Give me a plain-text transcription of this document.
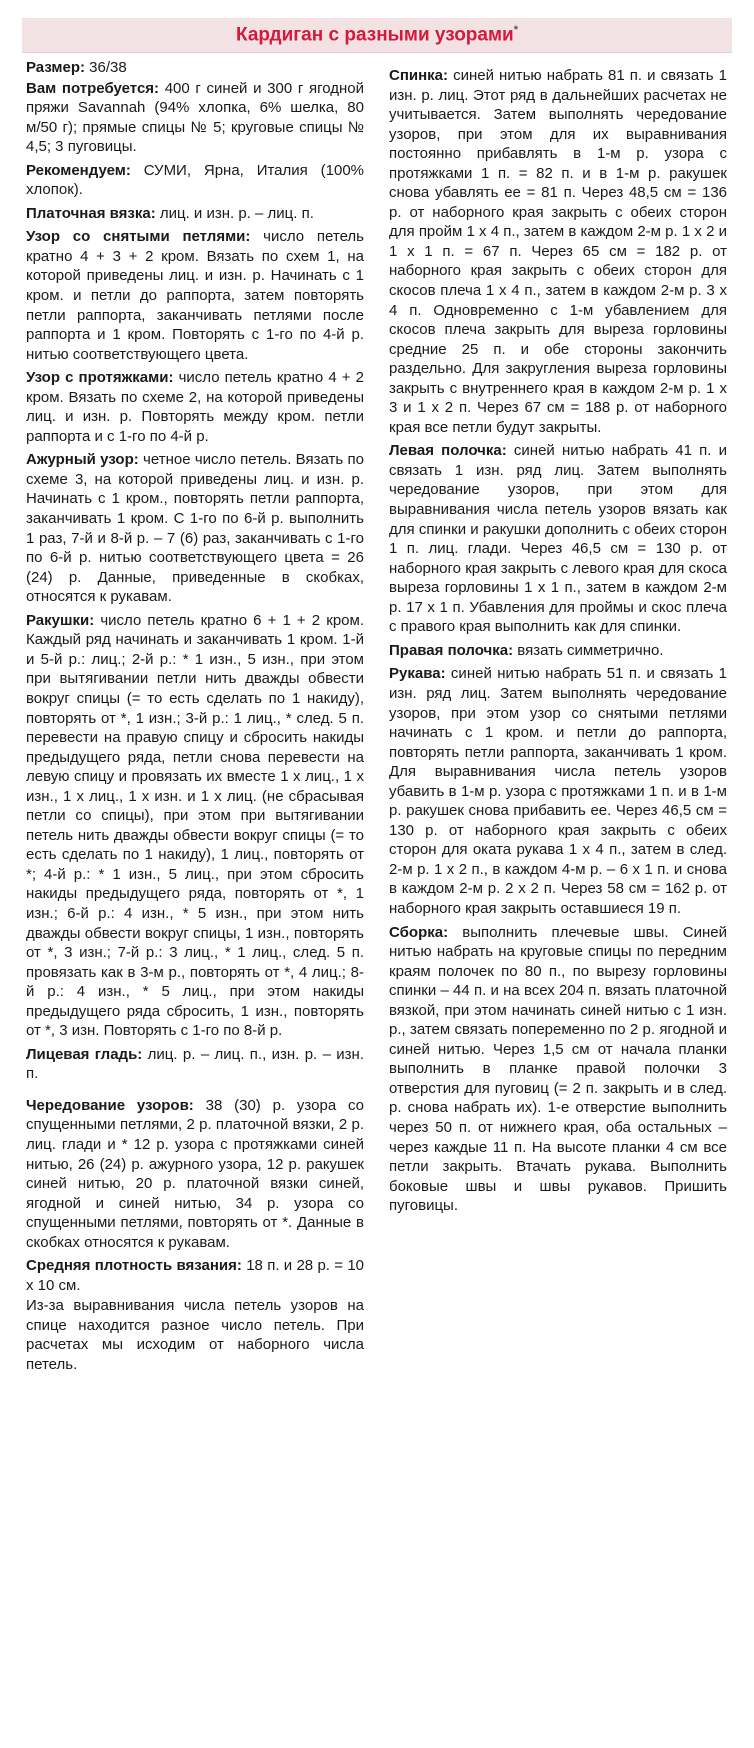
Кардиган с разными узорами*

Размер: 36/38

Вам потребуется: 400 г синей и 300 г ягодной пряжи Savannah (94% хлопка, 6% шелка, 80 м/50 г); прямые спицы № 5; круговые спицы № 4,5; 3 пуговицы.

Рекомендуем: СУМИ, Ярна, Италия (100% хлопок).

Платочная вязка: лиц. и изн. р. – лиц. п.

Узор со снятыми петлями: число петель кратно 4 + 3 + 2 кром. Вязать по схем 1, на которой приведены лиц. и изн. р. Начинать с 1 кром. и петли до раппорта, затем повторять петли раппорта, заканчивать петлями после раппорта и 1 кром. Повторять с 1-го по 4-й р. нитью соответствующего цвета.

Узор с протяжками: число петель кратно 4 + 2 кром. Вязать по схеме 2, на которой приведены лиц. и изн. р. Повторять между кром. петли раппорта и с 1-го по 4-й р.

Ажурный узор: четное число петель. Вязать по схеме 3, на которой приведены лиц. и изн. р. Начинать с 1 кром., повторять петли раппорта, заканчивать 1 кром. С 1-го по 6-й р. выполнить 1 раз, 7-й и 8-й р. – 7 (6) раз, заканчивать с 1-го по 6-й р. нитью соответствующего цвета = 26 (24) р. Данные, приведенные в скобках, относятся к рукавам.

Ракушки: число петель кратно 6 + 1 + 2 кром. Каждый ряд начинать и заканчивать 1 кром. 1-й и 5-й р.: лиц.; 2-й р.: * 1 изн., 5 изн., при этом при вытягивании петли нить дважды обвести вокруг спицы (= то есть сделать по 1 накиду), повторять от *, 1 изн.; 3-й р.: 1 лиц., * след. 5 п. перевести на правую спицу и сбросить накиды предыдущего ряда, петли снова перевести на левую спицу и провязать их вместе 1 х лиц., 1 х изн., 1 х лиц., 1 х изн. и 1 х лиц. (не сбрасывая петли со спицы), при этом при вытягивании петель нить дважды обвести вокруг спицы (= то есть сделать по 1 накиду), 1 лиц., повторять от *; 4-й р.: * 1 изн., 5 лиц., при этом сбросить накиды предыдущего ряда, повторять от *, 1 изн.; 6-й р.: 4 изн., * 5 изн., при этом нить дважды обвести вокруг спицы, 1 изн., повторять от *, 3 изн.; 7-й р.: 3 лиц., * 1 лиц., след. 5 п. провязать как в 3-м р., повторять от *, 4 лиц.; 8-й р.: 4 изн., * 5 лиц., при этом накиды предыдущего ряда сбросить, 1 изн., повторять от *, 3 изн. Повторять с 1-го по 8-й р.

Лицевая гладь: лиц. р. – лиц. п., изн. р. – изн. п.

Чередование узоров: 38 (30) р. узора со спущенными петлями, 2 р. платочной вязки, 2 р. лиц. глади и * 12 р. узора с протяжками синей нитью, 26 (24) р. ажурного узора, 12 р. ракушек синей нитью, 20 р. платочной вязки синей, ягодной и синей нитью, 34 р. узора со спущенными петлями, повторять от *. Данные в скобках относятся к рукавам.

Средняя плотность вязания: 18 п. и 28 р. = 10 х 10 см.

Из-за выравнивания числа петель узоров на спице находится разное число петель. При расчетах мы исходим от наборного числа петель.

Спинка: синей нитью набрать 81 п. и связать 1 изн. р. лиц. Этот ряд в дальнейших расчетах не учитывается. Затем выполнять чередование узоров, при этом для их выравнивания постоянно прибавлять в 1-м р. узора с протяжками 1 п. = 82 п. и в 1-м р. ракушек снова убавлять ее = 81 п. Через 48,5 см = 136 р. от наборного края закрыть с обеих сторон для пройм 1 х 4 п., затем в каждом 2-м р. 1 х 2 и 1 х 1 п. = 67 п. Через 65 см = 182 р. от наборного края закрыть с обеих сторон для скосов плеча 1 х 4 п., затем в каждом 2-м р. 3 х 4 п. Одновременно с 1-м убавлением для скосов плеча закрыть для выреза горловины средние 25 п. и обе стороны закончить раздельно. Для закругления выреза горловины закрыть с внутреннего края в каждом 2-м р. 1 х 3 и 1 х 2 п. Через 67 см = 188 р. от наборного края все петли будут закрыты.

Левая полочка: синей нитью набрать 41 п. и связать 1 изн. ряд лиц. Затем выполнять чередование узоров, при этом для выравнивания числа петель узоров вязать как для спинки и ракушки дополнить с обеих сторон 1 п. лиц. глади. Через 46,5 см = 130 р. от наборного края закрыть с левого края для скоса выреза горловины 1 х 1 п., затем в каждом 2-м р. 17 х 1 п. Убавления для проймы и скос плеча с правого края выполнить как для спинки.

Правая полочка: вязать симметрично.

Рукава: синей нитью набрать 51 п. и связать 1 изн. ряд лиц. Затем выполнять чередование узоров, при этом узор со снятыми петлями начинать с 1 кром. и петли до раппорта, повторять петли раппорта, заканчивать 1 кром. Для выравнивания числа петель узоров убавить в 1-м р. узора с протяжками 1 п. и в 1-м р. ракушек снова прибавить ее. Через 46,5 см = 130 р. от наборного края закрыть с обеих сторон для оката рукава 1 х 4 п., затем в след. 2-м р. 1 х 2 п., в каждом 4-м р. – 6 х 1 п. и снова в каждом 2-м р. 2 х 2 п. Через 58 см = 162 р. от наборного края закрыть оставшиеся 19 п.

Сборка: выполнить плечевые швы. Синей нитью набрать на круговые спицы по передним краям полочек по 80 п., по вырезу горловины спинки – 44 п. и на всех 204 п. вязать платочной вязкой, при этом начинать синей нитью с 1 изн. р., затем связать попеременно по 2 р. ягодной и синей нитью. Через 1,5 см от начала планки выполнить в планке правой полочки 3 отверстия для пуговиц (= 2 п. закрыть и в след. р. снова набрать их). 1-е отверстие выполнить через 50 п. от нижнего края, оба остальных – через каждые 11 п. На высоте планки 4 см все петли закрыть. Втачать рукава. Выполнить боковые швы и швы рукавов. Пришить пуговицы.
